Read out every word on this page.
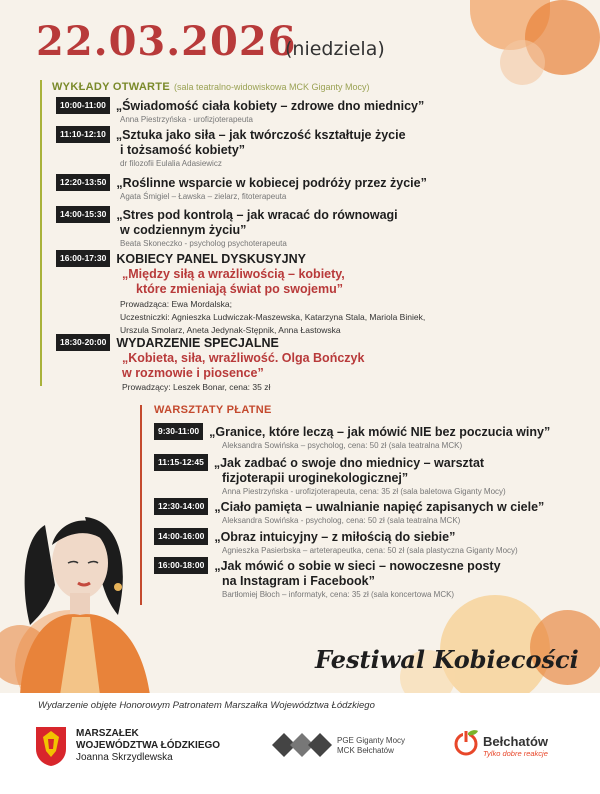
22.03.2026
(niedziela)
WYKŁADY OTWARTE (sala teatralno-widowiskowa MCK Giganty Mocy)
10:00-11:00 „Świadomość ciała kobiety – zdrowe dno miednicy”
Anna Piestrzyńska - urofizjoterapeuta
11:10-12:10 „Sztuka jako siła – jak twórczość kształtuje życie
i tożsamość kobiety”
dr filozofii Eulalia Adasiewicz
12:20-13:50 „Roślinne wsparcie w kobiecej podróży przez życie”
Agata Śmigiel – Ławska – zielarz, fitoterapeuta
14:00-15:30 „Stres pod kontrolą – jak wracać do równowagi
w codziennym życiu”
Beata Skoneczko - psycholog psychoterapeuta
16:00-17:30 KOBIECY PANEL DYSKUSYJNY
„Między siłą a wrażliwością – kobiety,
które zmieniają świat po swojemu”
Prowadząca: Ewa Mordalska;
Uczestniczki: Agnieszka Ludwiczak-Maszewska, Katarzyna Stala, Mariola Biniek,
Urszula Smolarz, Aneta Jedynak-Stępnik, Anna Łastowska
18:30-20:00 WYDARZENIE SPECJALNE
„Kobieta, siła, wrażliwość. Olga Bończyk
w rozmowie i piosence”
Prowadzący: Leszek Bonar, cena: 35 zł
WARSZTATY PŁATNE
9:30-11:00 „Granice, które leczą – jak mówić NIE bez poczucia winy”
Aleksandra Sowińska – psycholog, cena: 50 zł (sala teatralna MCK)
11:15-12:45 „Jak zadbać o swoje dno miednicy – warsztat
fizjoterapii uroginekologicznej”
Anna Piestrzyńska - urofizjoterapeuta, cena: 35 zł (sala baletowa Giganty Mocy)
12:30-14:00 „Ciało pamięta – uwalnianie napięć zapisanych w ciele”
Aleksandra Sowińska - psycholog, cena: 50 zł (sala teatralna MCK)
14:00-16:00 „Obraz intuicyjny – z miłością do siebie”
Agnieszka Pasierbska – arteterapeutka, cena: 50 zł (sala plastyczna Giganty Mocy)
16:00-18:00 „Jak mówić o sobie w sieci – nowoczesne posty
na Instagram i Facebook”
Bartłomiej Błoch – informatyk, cena: 35 zł (sala koncertowa MCK)
Festiwal Kobiecości
Wydarzenie objęte Honorowym Patronatem Marszałka Województwa Łódzkiego
MARSZAŁEK
WOJEWÓDZTWA ŁÓDZKIEGO
Joanna Skrzydlewska
PGE Giganty Mocy
MCK Bełchatów
Bełchatów
Tylko dobre reakcje
